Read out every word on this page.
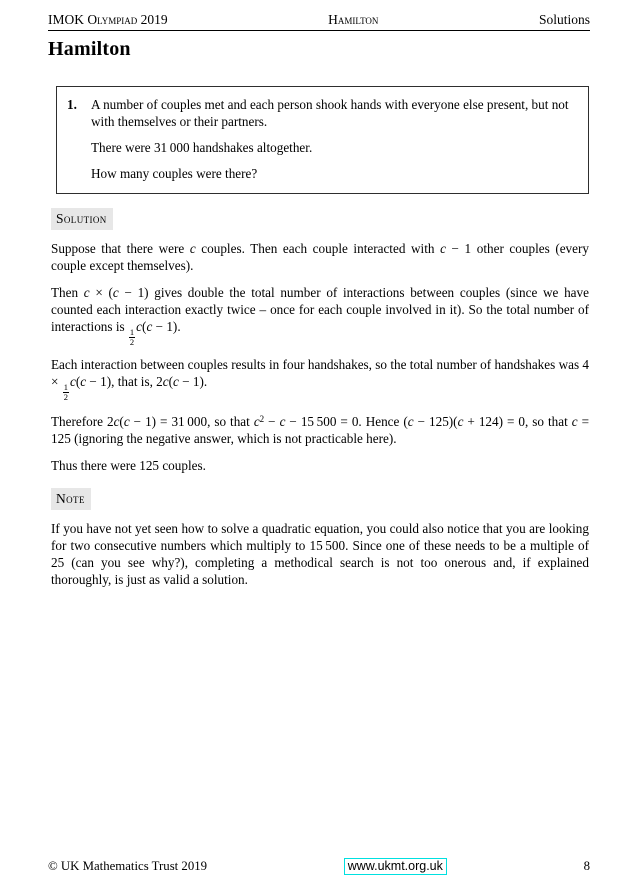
IMOK Olympiad 2019	Hamilton	Solutions
Hamilton
1.	A number of couples met and each person shook hands with everyone else present, but not with themselves or their partners.

There were 31 000 handshakes altogether.

How many couples were there?

Solution

Suppose that there were c couples. Then each couple interacted with c − 1 other couples (every couple except themselves).

Then c × (c − 1) gives double the total number of interactions between couples (since we have counted each interaction exactly twice – once for each couple involved in it). So the total number of interactions is
$\frac{1}{2}$
c(c − 1).

Each interaction between couples results in four handshakes, so the total number of handshakes was 4 ×
$\frac{1}{2}$
c(c − 1), that is, 2c(c − 1).

Therefore 2c(c − 1) = 31 000, so that $c^2 - c - 15$ 500 = 0. Hence (c − 125)(c + 124) = 0, so that c = 125 (ignoring the negative answer, which is not practicable here).

Thus there were 125 couples.

Note

If you have not yet seen how to solve a quadratic equation, you could also notice that you are looking for two consecutive numbers which multiply to 15 500. Since one of these needs to be a multiple of 25 (can you see why?), completing a methodical search is not too onerous and, if explained thoroughly, is just as valid a solution.

© UK Mathematics Trust 2019	www.ukmt.org.uk	8
